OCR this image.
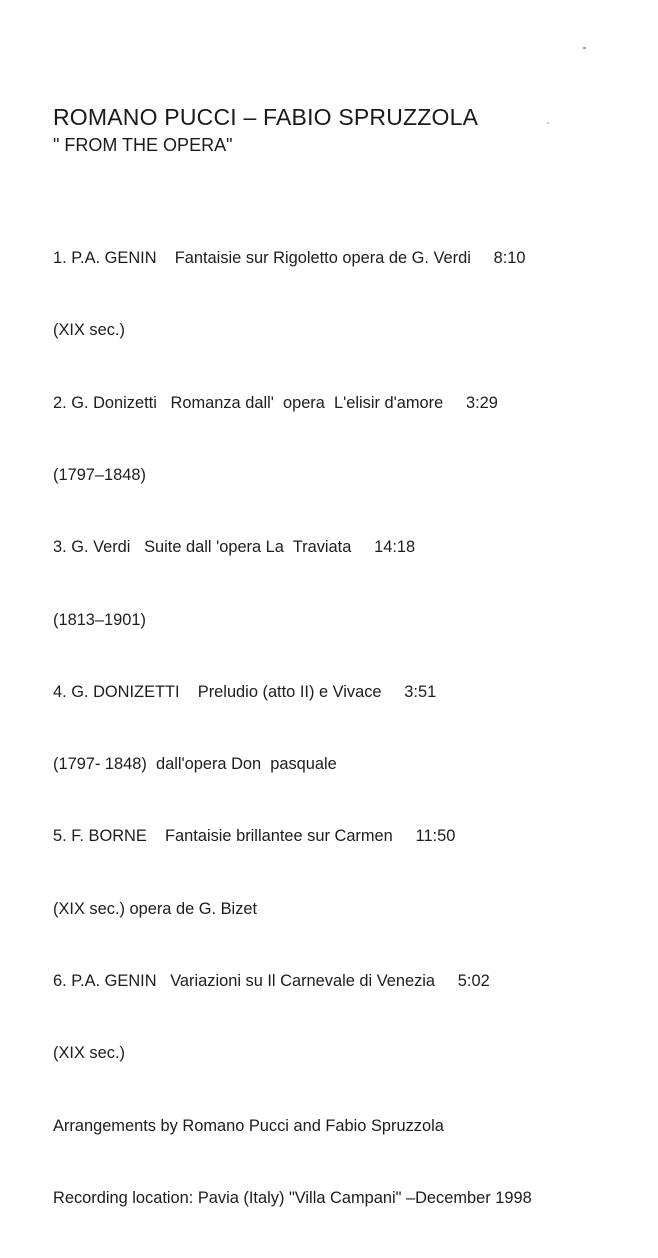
ROMANO PUCCI – FABIO SPRUZZOLA
" FROM THE OPERA"

1. P.A. GENIN    Fantaisie sur Rigoletto opera de G. Verdi     8:10

(XIX sec.)

2. G. Donizetti   Romanza dall'  opera  L'elisir d'amore     3:29

(1797–1848)

3. G. Verdi   Suite dall 'opera La  Traviata     14:18

(1813–1901)

4. G. DONIZETTI    Preludio (atto II) e Vivace     3:51

(1797- 1848)  dall'opera Don  pasquale

5. F. BORNE    Fantaisie brillantee sur Carmen     11:50

(XIX sec.) opera de G. Bizet

6. P.A. GENIN   Variazioni su Il Carnevale di Venezia     5:02

(XIX sec.)

Arrangements by Romano Pucci and Fabio Spruzzola

Recording location: Pavia (Italy) "Villa Campani" –December 1998
